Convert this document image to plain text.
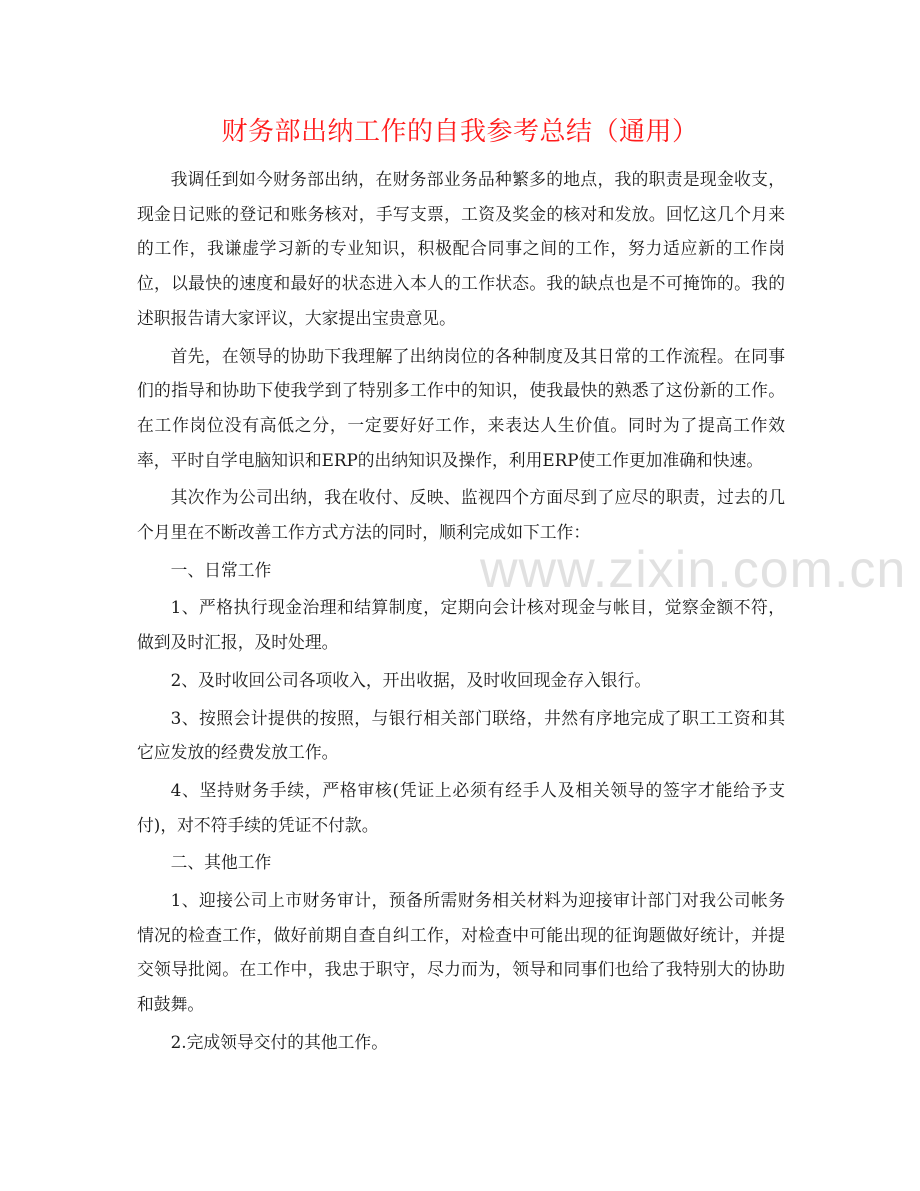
财务部出纳工作的自我参考总结（通用）

我调任到如今财务部出纳，在财务部业务品种繁多的地点，我的职责是现金收支，现金日记账的登记和账务核对，手写支票，工资及奖金的核对和发放。回忆这几个月来的工作，我谦虚学习新的专业知识，积极配合同事之间的工作，努力适应新的工作岗位，以最快的速度和最好的状态进入本人的工作状态。我的缺点也是不可掩饰的。我的述职报告请大家评议，大家提出宝贵意见。

首先，在领导的协助下我理解了出纳岗位的各种制度及其日常的工作流程。在同事们的指导和协助下使我学到了特别多工作中的知识，使我最快的熟悉了这份新的工作。在工作岗位没有高低之分，一定要好好工作，来表达人生价值。同时为了提高工作效率，平时自学电脑知识和ERP的出纳知识及操作，利用ERP使工作更加准确和快速。

其次作为公司出纳，我在收付、反映、监视四个方面尽到了应尽的职责，过去的几个月里在不断改善工作方式方法的同时，顺利完成如下工作：

一、日常工作

1、严格执行现金治理和结算制度，定期向会计核对现金与帐目，觉察金额不符，做到及时汇报，及时处理。

2、及时收回公司各项收入，开出收据，及时收回现金存入银行。

3、按照会计提供的按照，与银行相关部门联络，井然有序地完成了职工工资和其它应发放的经费发放工作。

4、坚持财务手续，严格审核(凭证上必须有经手人及相关领导的签字才能给予支付)，对不符手续的凭证不付款。

二、其他工作

1、迎接公司上市财务审计，预备所需财务相关材料为迎接审计部门对我公司帐务情况的检查工作，做好前期自查自纠工作，对检查中可能出现的征询题做好统计，并提交领导批阅。在工作中，我忠于职守，尽力而为，领导和同事们也给了我特别大的协助和鼓舞。

2.完成领导交付的其他工作。

www.zixin.com.cn
